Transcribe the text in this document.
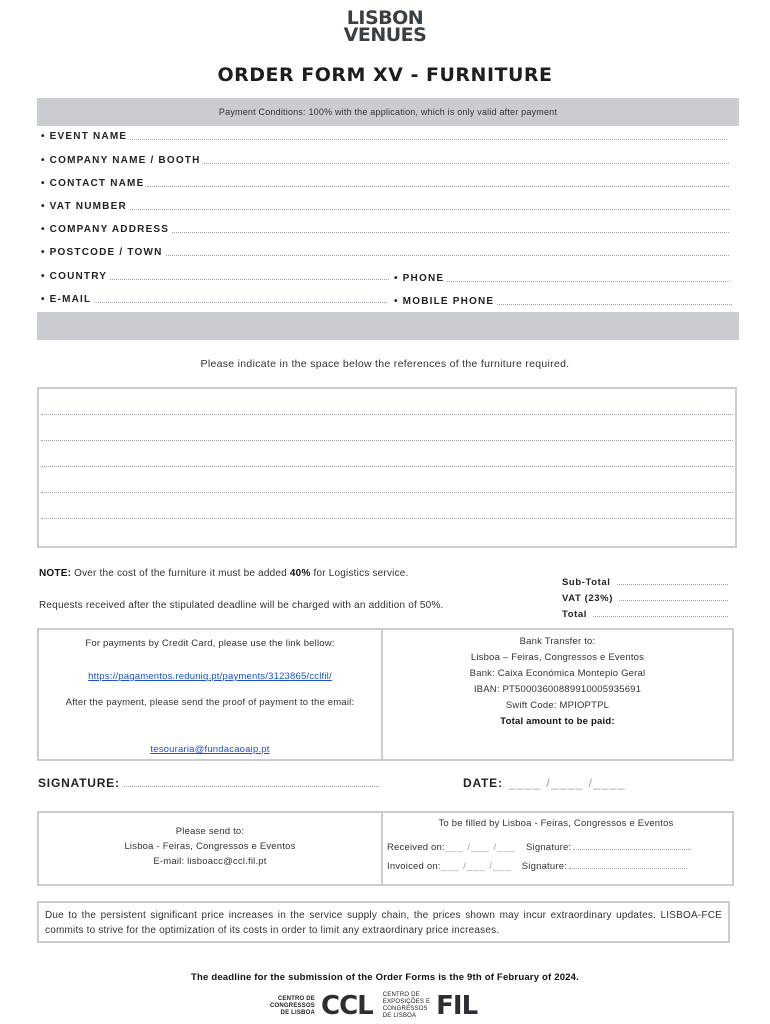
LISBON
VENUES
ORDER FORM XV - FURNITURE
Payment Conditions: 100% with the application, which is only valid after payment
• EVENT NAME
• COMPANY NAME / BOOTH
• CONTACT NAME
• VAT NUMBER
• COMPANY ADDRESS
• POSTCODE / TOWN
• COUNTRY	• PHONE
• E-MAIL	• MOBILE PHONE
Please indicate in the space below the references of the furniture required.
NOTE: Over the cost of the furniture it must be added 40% for Logistics service.
Requests received after the stipulated deadline will be charged with an addition of 50%.
Sub-Total
VAT (23%)
Total
For payments by Credit Card, please use the link bellow:
https://pagamentos.reduniq.pt/payments/3123865/cclfil/
After the payment, please send the proof of payment to the email:
tesouraria@fundacaoaip.pt
Bank Transfer to:
Lisboa – Feiras, Congressos e Eventos
Bank: Caixa Económica Montepio Geral
IBAN: PT50003600889910005935691
Swift Code: MPIOPTPL
Total amount to be paid:
SIGNATURE:	DATE: ____ /____ /____
Please send to:
Lisboa - Feiras, Congressos e Eventos
E-mail: lisboacc@ccl.fil.pt
To be filled by Lisboa - Feiras, Congressos e Eventos
Received on: ___ /___ /___ Signature:
Invoiced on: ___ /___ /___ Signature:
Due to the persistent significant price increases in the service supply chain, the prices shown may incur extraordinary updates. LISBOA-FCE commits to strive for the optimization of its costs in order to limit any extraordinary price increases.
The deadline for the submission of the Order Forms is the 9th of February of 2024.
CENTRO DE
CONGRESSOS
DE LISBOA CCL CENTRO DE
EXPOSIÇÕES E
CONGRESSOS
DE LISBOA FIL
